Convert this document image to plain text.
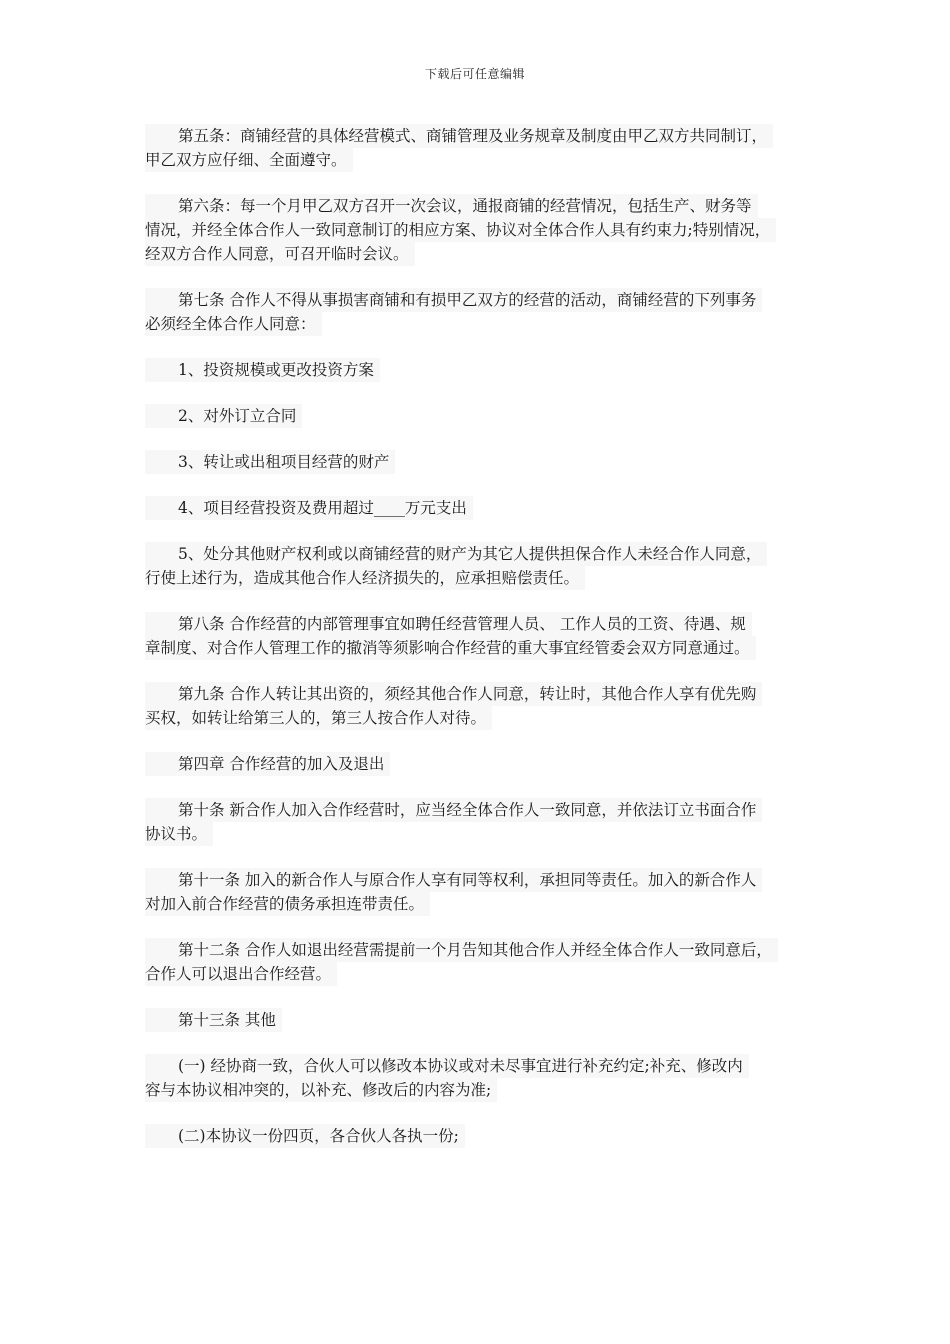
下载后可任意编辑
第五条：商铺经营的具体经营模式、商铺管理及业务规章及制度由甲乙双方共同制订，
甲乙双方应仔细、全面遵守。
第六条：每一个月甲乙双方召开一次会议，通报商铺的经营情况，包括生产、财务等
情况，并经全体合作人一致同意制订的相应方案、协议对全体合作人具有约束力;特别情况，
经双方合作人同意，可召开临时会议。
第七条 合作人不得从事损害商铺和有损甲乙双方的经营的活动，商铺经营的下列事务
必须经全体合作人同意：
1、投资规模或更改投资方案
2、对外订立合同
3、转让或出租项目经营的财产
4、项目经营投资及费用超过____万元支出
5、处分其他财产权利或以商铺经营的财产为其它人提供担保合作人未经合作人同意，
行使上述行为，造成其他合作人经济损失的，应承担赔偿责任。
第八条 合作经营的内部管理事宜如聘任经营管理人员、 工作人员的工资、待遇、规
章制度、对合作人管理工作的撤消等须影响合作经营的重大事宜经管委会双方同意通过。
第九条 合作人转让其出资的，须经其他合作人同意，转让时，其他合作人享有优先购
买权，如转让给第三人的，第三人按合作人对待。
第四章 合作经营的加入及退出
第十条 新合作人加入合作经营时，应当经全体合作人一致同意，并依法订立书面合作
协议书。
第十一条 加入的新合作人与原合作人享有同等权利，承担同等责任。加入的新合作人
对加入前合作经营的债务承担连带责任。
第十二条 合作人如退出经营需提前一个月告知其他合作人并经全体合作人一致同意后，
合作人可以退出合作经营。
第十三条 其他
(一) 经协商一致，合伙人可以修改本协议或对未尽事宜进行补充约定;补充、修改内
容与本协议相冲突的，以补充、修改后的内容为准;
(二)本协议一份四页，各合伙人各执一份;
